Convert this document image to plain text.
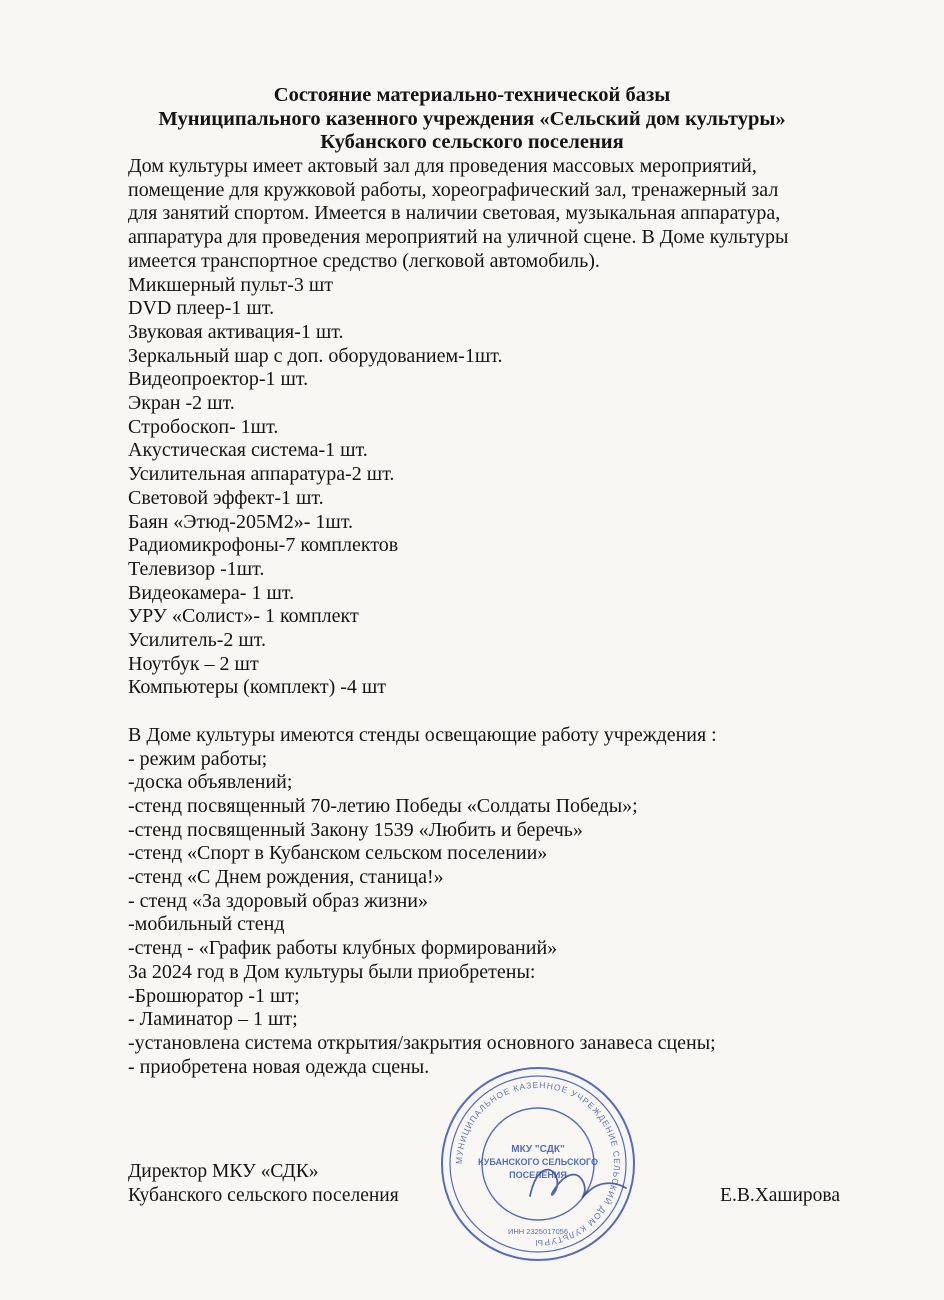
Состояние материально-технической базы
Муниципального казенного учреждения «Сельский дом культуры»
Кубанского сельского поселения
Дом культуры имеет актовый зал для проведения массовых мероприятий,
помещение для кружковой работы, хореографический зал, тренажерный зал
для занятий спортом. Имеется в наличии световая, музыкальная аппаратура,
аппаратура для проведения мероприятий на уличной сцене. В Доме культуры
имеется транспортное средство (легковой автомобиль).
Микшерный пульт-3 шт
DVD плеер-1 шт.
Звуковая активация-1 шт.
Зеркальный шар с доп. оборудованием-1шт.
Видеопроектор-1 шт.
Экран -2 шт.
Стробоскоп- 1шт.
Акустическая система-1 шт.
Усилительная аппаратура-2 шт.
Световой эффект-1 шт.
Баян «Этюд-205М2»- 1шт.
Радиомикрофоны-7 комплектов
Телевизор -1шт.
Видеокамера- 1 шт.
УРУ «Солист»- 1 комплект
Усилитель-2 шт.
Ноутбук – 2 шт
Компьютеры (комплект) -4 шт
В Доме культуры имеются стенды освещающие работу учреждения :
- режим работы;
-доска объявлений;
-стенд посвященный 70-летию Победы «Солдаты Победы»;
-стенд посвященный Закону 1539 «Любить и беречь»
-стенд «Спорт в Кубанском сельском поселении»
-стенд «С Днем рождения, станица!»
- стенд «За здоровый образ жизни»
-мобильный стенд
-стенд - «График работы клубных формирований»
За 2024 год в Дом культуры были приобретены:
-Брошюратор -1 шт;
- Ламинатор – 1 шт;
-установлена система открытия/закрытия основного занавеса сцены;
- приобретена новая одежда сцены.
Директор МКУ «СДК»
Кубанского сельского поселения	Е.В.Хаширова
МУНИЦИПАЛЬНОЕ КАЗЕННОЕ УЧРЕЖДЕНИЕ СЕЛЬСКИЙ ДОМ КУЛЬТУРЫ
МКУ "СДК"
КУБАНСКОГО СЕЛЬСКОГО
ПОСЕЛЕНИЯ
ИНН 2325017056
